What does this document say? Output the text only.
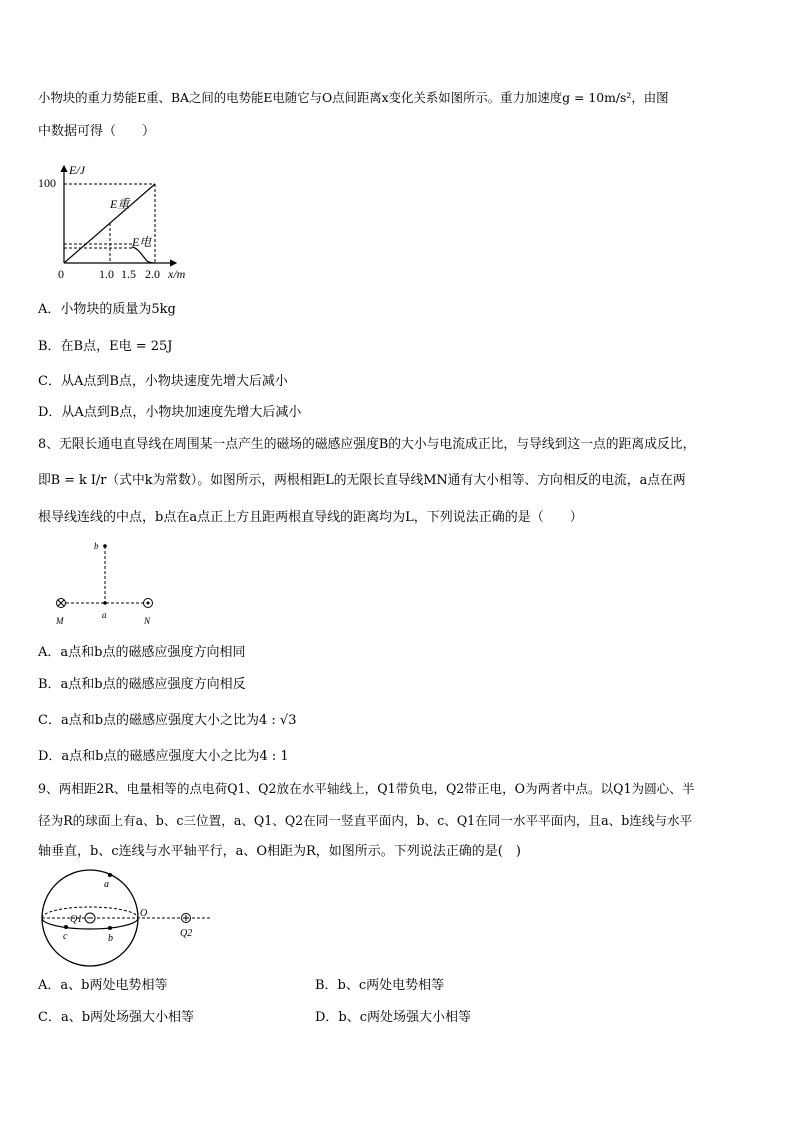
小物块的重力势能E重、BA之间的电势能E电随它与O点间距离x变化关系如图所示。重力加速度g = 10m/s²，由图
中数据可得（　　）
E/J
100
E重
E电
0	1.0 1.5 2.0 x/m
A．小物块的质量为5kg
B．在B点，E电 = 25J
C．从A点到B点，小物块速度先增大后减小
D．从A点到B点，小物块加速度先增大后减小
8、无限长通电直导线在周围某一点产生的磁场的磁感应强度B的大小与电流成正比，与导线到这一点的距离成反比，
即B = k I/r（式中k为常数）。如图所示，两根相距L的无限长直导线MN通有大小相等、方向相反的电流，a点在两
根导线连线的中点，b点在a点正上方且距两根直导线的距离均为L，下列说法正确的是（　　）
b
a
M	N
A．a点和b点的磁感应强度方向相同
B．a点和b点的磁感应强度方向相反
C．a点和b点的磁感应强度大小之比为4 : √3
D．a点和b点的磁感应强度大小之比为4 : 1
9、两相距2R、电量相等的点电荷Q1、Q2放在水平轴线上，Q1带负电，Q2带正电，O为两者中点。以Q1为圆心、半
径为R的球面上有a、b、c三位置，a、Q1、Q2在同一竖直平面内，b、c、Q1在同一水平平面内，且a、b连线与水平
轴垂直，b、c连线与水平轴平行，a、O相距为R，如图所示。下列说法正确的是(　)
a
Q1
O
Q2
c	b
A．a、b两处电势相等	B．b、c两处电势相等
C．a、b两处场强大小相等	D．b、c两处场强大小相等
